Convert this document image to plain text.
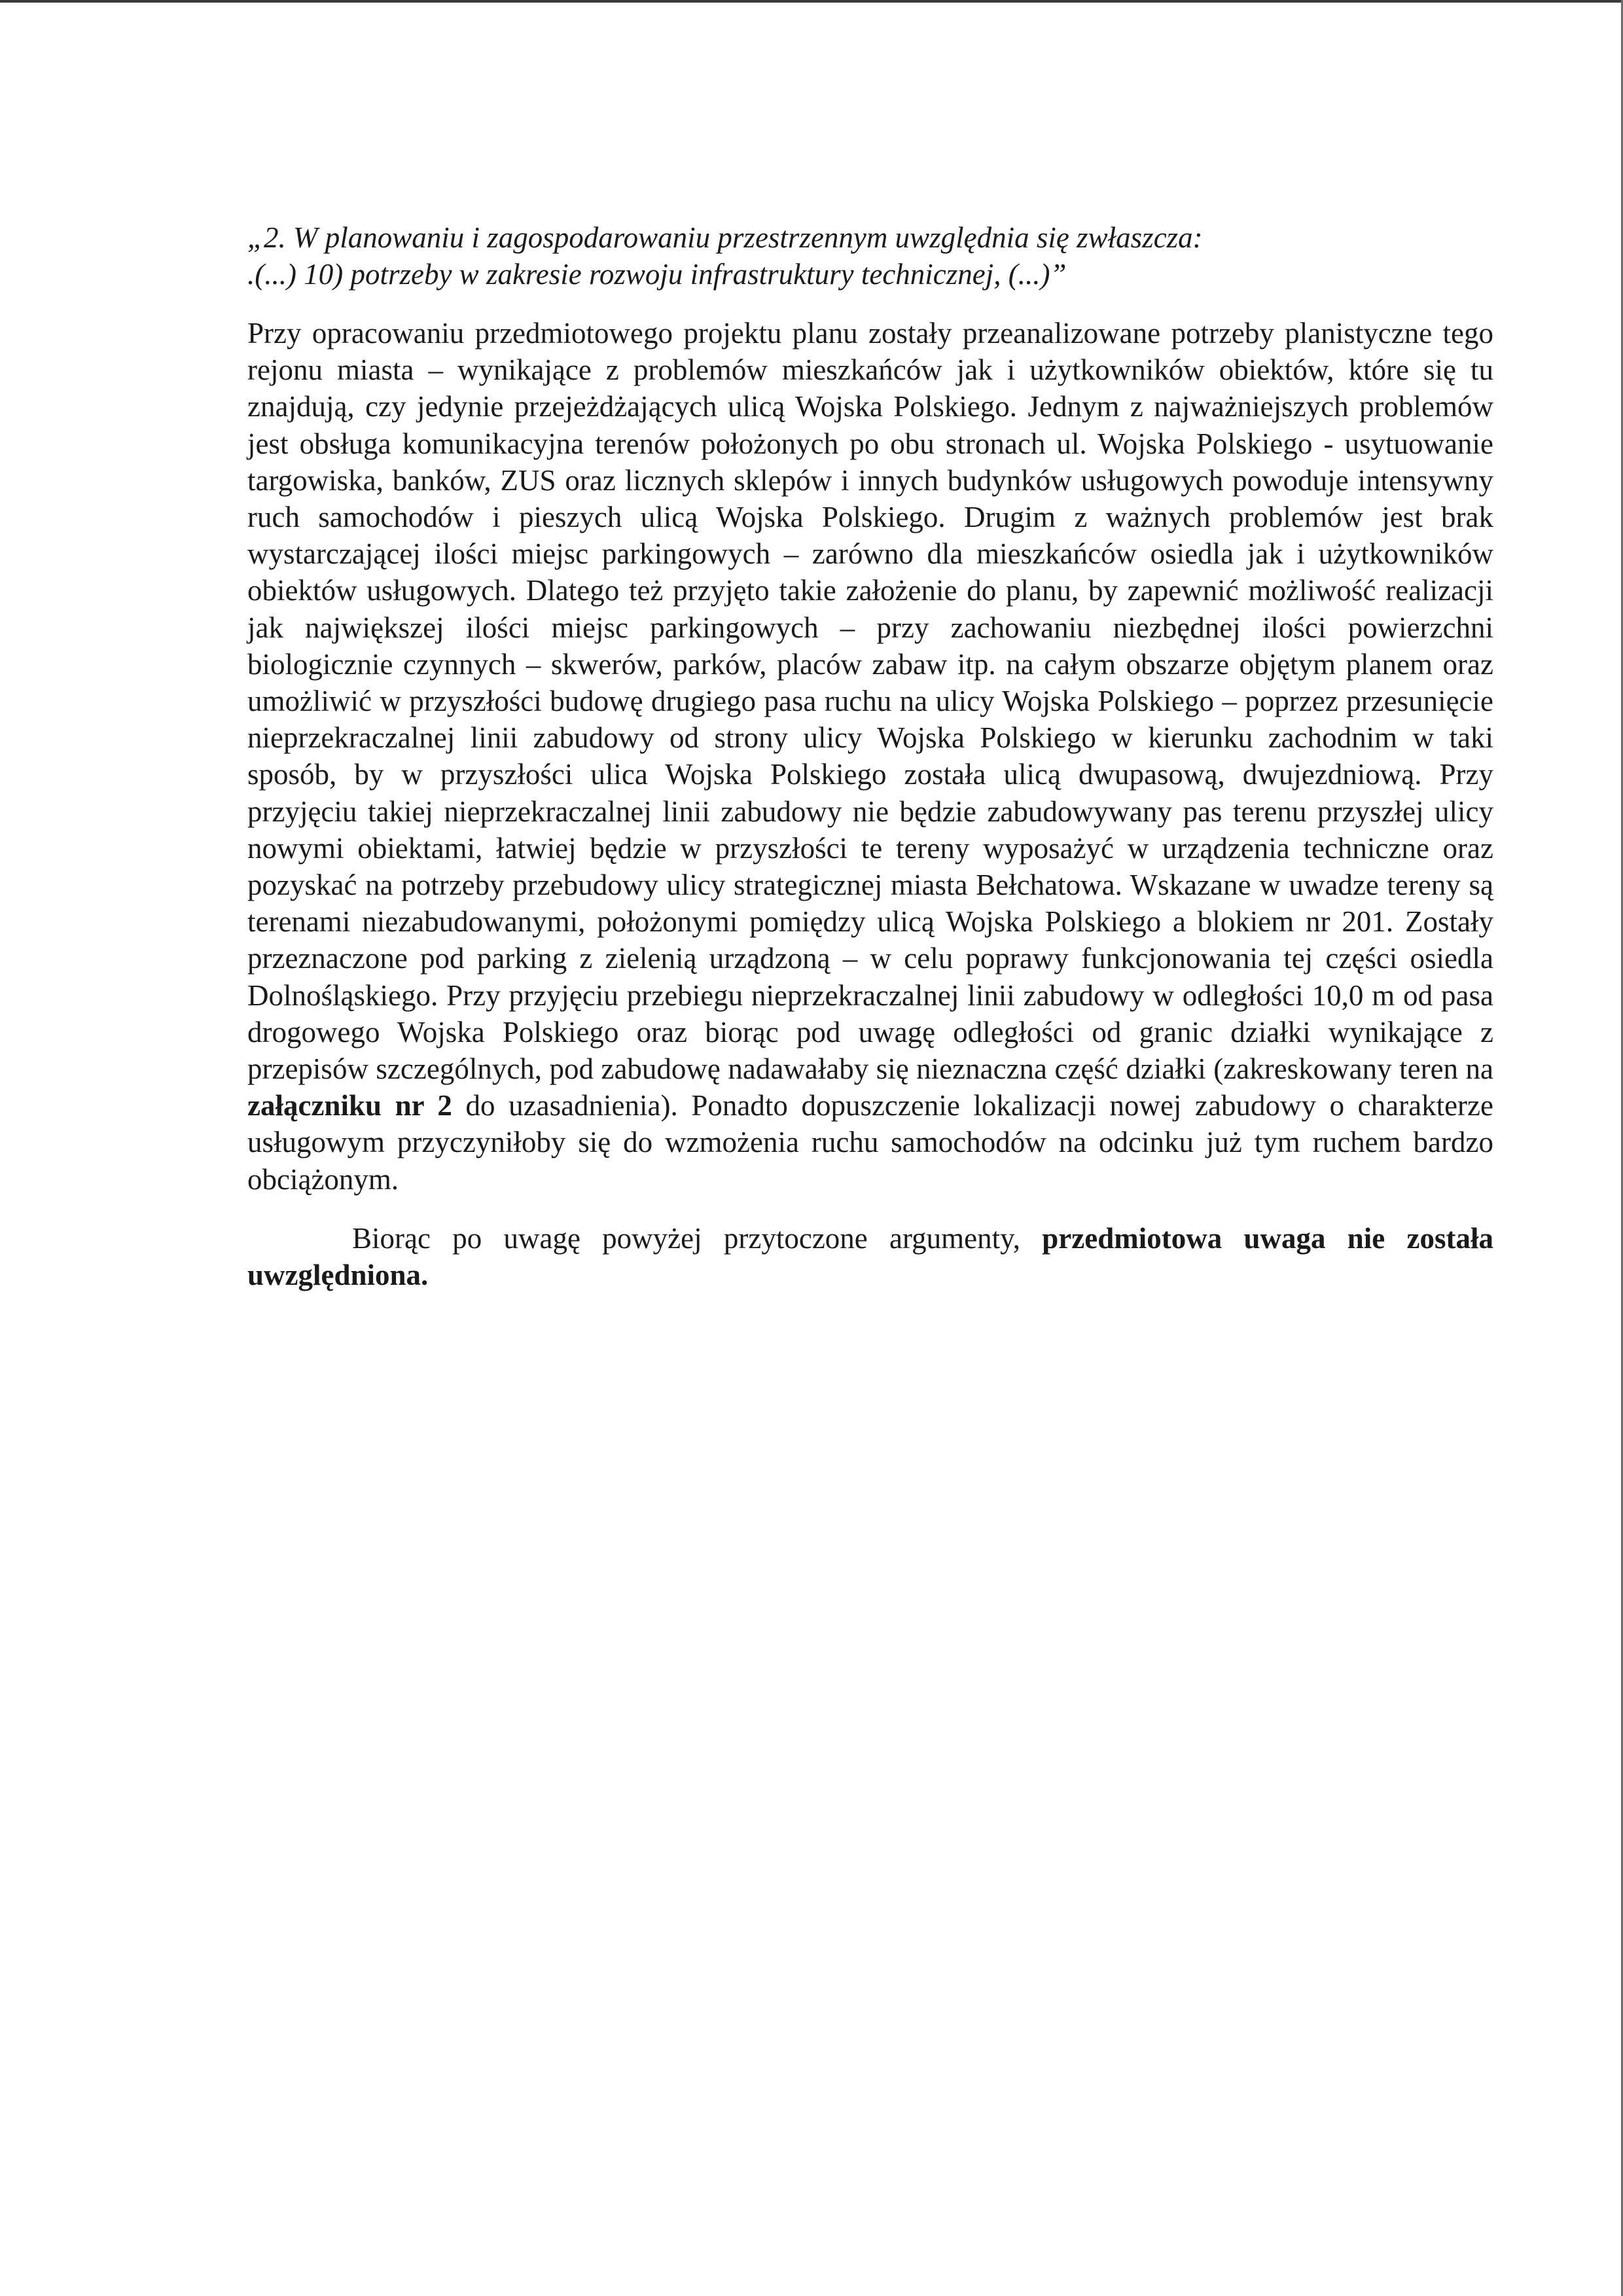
„2. W planowaniu i zagospodarowaniu przestrzennym uwzględnia się zwłaszcza:
.(...) 10) potrzeby w zakresie rozwoju infrastruktury technicznej, (...)”

Przy opracowaniu przedmiotowego projektu planu zostały przeanalizowane potrzeby planistyczne tego rejonu miasta – wynikające z problemów mieszkańców jak i użytkowników obiektów, które się tu znajdują, czy jedynie przejeżdżających ulicą Wojska Polskiego. Jednym z najważniejszych problemów jest obsługa komunikacyjna terenów położonych po obu stronach ul. Wojska Polskiego - usytuowanie targowiska, banków, ZUS oraz licznych sklepów i innych budynków usługowych powoduje intensywny ruch samochodów i pieszych ulicą Wojska Polskiego. Drugim z ważnych problemów jest brak wystarczającej ilości miejsc parkingowych – zarówno dla mieszkańców osiedla jak i użytkowników obiektów usługowych. Dlatego też przyjęto takie założenie do planu, by zapewnić możliwość realizacji jak największej ilości miejsc parkingowych – przy zachowaniu niezbędnej ilości powierzchni biologicznie czynnych – skwerów, parków, placów zabaw itp. na całym obszarze objętym planem oraz umożliwić w przyszłości budowę drugiego pasa ruchu na ulicy Wojska Polskiego – poprzez przesunięcie nieprzekraczalnej linii zabudowy od strony ulicy Wojska Polskiego w kierunku zachodnim w taki sposób, by w przyszłości ulica Wojska Polskiego została ulicą dwupasową, dwujezdniową. Przy przyjęciu takiej nieprzekraczalnej linii zabudowy nie będzie zabudowywany pas terenu przyszłej ulicy nowymi obiektami, łatwiej będzie w przyszłości te tereny wyposażyć w urządzenia techniczne oraz pozyskać na potrzeby przebudowy ulicy strategicznej miasta Bełchatowa. Wskazane w uwadze tereny są terenami niezabudowanymi, położonymi pomiędzy ulicą Wojska Polskiego a blokiem nr 201. Zostały przeznaczone pod parking z zielenią urządzoną – w celu poprawy funkcjonowania tej części osiedla Dolnośląskiego. Przy przyjęciu przebiegu nieprzekraczalnej linii zabudowy w odległości 10,0 m od pasa drogowego Wojska Polskiego oraz biorąc pod uwagę odległości od granic działki wynikające z przepisów szczególnych, pod zabudowę nadawałaby się nieznaczna część działki (zakreskowany teren na załączniku nr 2 do uzasadnienia). Ponadto dopuszczenie lokalizacji nowej zabudowy o charakterze usługowym przyczyniłoby się do wzmożenia ruchu samochodów na odcinku już tym ruchem bardzo obciążonym.

Biorąc po uwagę powyżej przytoczone argumenty, przedmiotowa uwaga nie została uwzględniona.
